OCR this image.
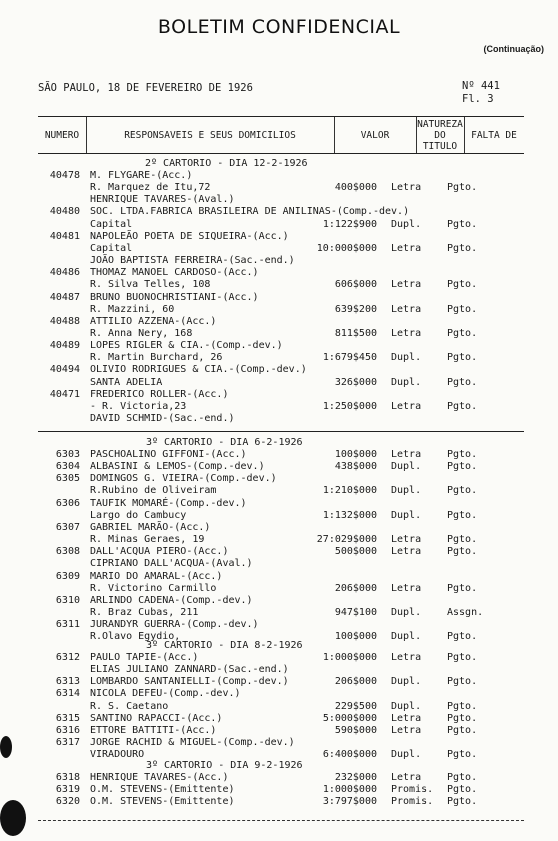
BOLETIM CONFIDENCIAL
(Continuação)
SÃO PAULO, 18 DE FEVEREIRO DE 1926	Nº 441
Fl. 3
NUMERO	RESPONSAVEIS E SEUS DOMICILIOS	VALOR
NATUREZA
DO
TITULO
FALTA DE
2º CARTORIO - DIA 12-2-1926
40478 M. FLYGARE-(Acc.)
R. Marquez de Itu,72	400$000 Letra	Pgto.
HENRIQUE TAVARES-(Aval.)
40480 SOC. LTDA.FABRICA BRASILEIRA DE ANILINAS-(Comp.-dev.)
Capital	1:122$900 Dupl.	Pgto.
40481 NAPOLEÃO POETA DE SIQUEIRA-(Acc.)
Capital	10:000$000 Letra	Pgto.
JOÃO BAPTISTA FERREIRA-(Sac.-end.)
40486 THOMAZ MANOEL CARDOSO-(Acc.)
R. Silva Telles, 108	606$000 Letra	Pgto.
40487 BRUNO BUONOCHRISTIANI-(Acc.)
R. Mazzini, 60	639$200 Letra	Pgto.
40488 ATTILIO AZZENA-(Acc.)
R. Anna Nery, 168	811$500 Letra	Pgto.
40489 LOPES RIGLER & CIA.-(Comp.-dev.)
R. Martin Burchard, 26	1:679$450 Dupl.	Pgto.
40494 OLIVIO RODRIGUES & CIA.-(Comp.-dev.)
SANTA ADELIA	326$000 Dupl.	Pgto.
40471 FREDERICO ROLLER-(Acc.)
- R. Victoria,23	1:250$000 Letra	Pgto.
DAVID SCHMID-(Sac.-end.)
3º CARTORIO - DIA 6-2-1926
6303 PASCHOALINO GIFFONI-(Acc.)	100$000 Letra	Pgto.
6304 ALBASINI & LEMOS-(Comp.-dev.)	438$000 Dupl.	Pgto.
6305 DOMINGOS G. VIEIRA-(Comp.-dev.)
R.Rubino de Oliveiram	1:210$000 Dupl.	Pgto.
6306 TAUFIK MOMARÉ-(Comp.-dev.)
Largo do Cambucy	1:132$000 Dupl.	Pgto.
6307 GABRIEL MARÃO-(Acc.)
R. Minas Geraes, 19	27:029$000 Letra	Pgto.
6308 DALL'ACQUA PIERO-(Acc.)	500$000 Letra	Pgto.
CIPRIANO DALL'ACQUA-(Aval.)
6309 MARIO DO AMARAL-(Acc.)
R. Victorino Carmillo	206$000 Letra	Pgto.
6310 ARLINDO CADENA-(Comp.-dev.)
R. Braz Cubas, 211	947$100 Dupl.	Assgn.
6311 JURANDYR GUERRA-(Comp.-dev.)
R.Olavo Egydio,	100$000 Dupl.	Pgto.
3º CARTORIO - DIA 8-2-1926
6312 PAULO TAPIE-(Acc.)	1:000$000 Letra	Pgto.
ELIAS JULIANO ZANNARD-(Sac.-end.)
6313 LOMBARDO SANTANIELLI-(Comp.-dev.)	206$000 Dupl.	Pgto.
6314 NICOLA DEFEU-(Comp.-dev.)
R. S. Caetano	229$500 Dupl.	Pgto.
6315 SANTINO RAPACCI-(Acc.)	5:000$000 Letra	Pgto.
6316 ETTORE BATTITI-(Acc.)	590$000 Letra	Pgto.
6317 JORGE RACHID & MIGUEL-(Comp.-dev.)
VIRADOURO	6:400$000 Dupl.	Pgto.
3º CARTORIO - DIA 9-2-1926
6318 HENRIQUE TAVARES-(Acc.)	232$000 Letra	Pgto.
6319 O.M. STEVENS-(Emittente)	1:000$000 Promis. Pgto.
6320 O.M. STEVENS-(Emittente)	3:797$000 Promis. Pgto.
